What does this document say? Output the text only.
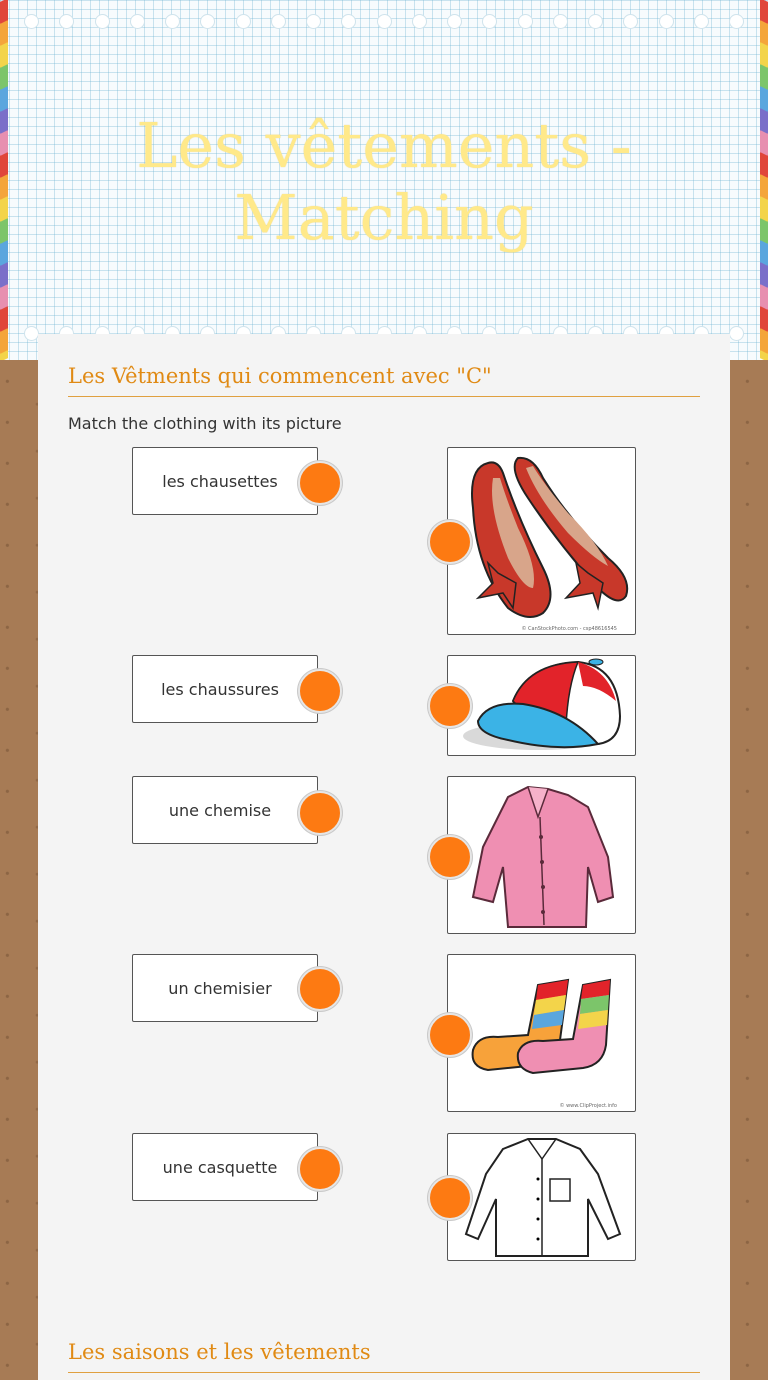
Les vêtements -
Matching
Les Vêtments qui commencent avec "C"
Match the clothing with its picture
les chausettes
les chaussures
une chemise
un chemisier
une casquette
© CanStockPhoto.com - csp48616545
© www.ClipProject.info
Les saisons et les vêtements
